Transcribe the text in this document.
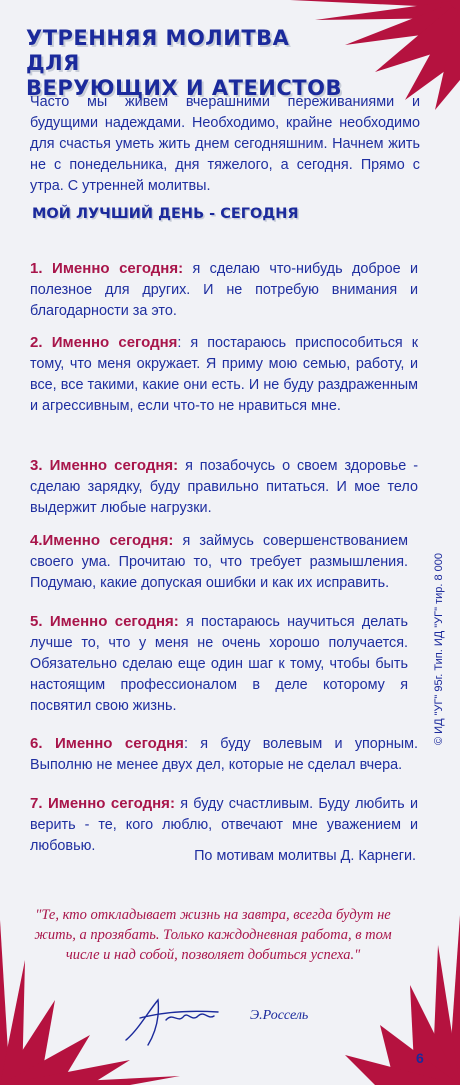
УТРЕННЯЯ МОЛИТВА ДЛЯ
ВЕРУЮЩИХ И АТЕИСТОВ
Часто мы живем вчерашними переживаниями и будущими надеждами. Необходимо, крайне необходимо для счастья уметь жить днем сегодняшним. Начнем жить не с понедельника, дня тяжелого, а сегодня. Прямо с утра. С утренней молитвы.
МОЙ ЛУЧШИЙ ДЕНЬ - СЕГОДНЯ
1. Именно сегодня: я сделаю что-нибудь доброе и полезное для других. И не потребую внимания и благодарности за это.
2. Именно сегодня: я постараюсь приспособиться к тому, что меня окружает. Я приму мою семью, работу, и все, все такими, какие они есть. И не буду раздраженным и агрессивным, если что-то не нравиться мне.
3. Именно сегодня: я позабочусь о своем здоровье - сделаю зарядку, буду правильно питаться. И мое тело выдержит любые нагрузки.
4.Именно сегодня: я займусь совершенствованием своего ума. Прочитаю то, что требует размышления. Подумаю, какие допуская ошибки и как их исправить.
5. Именно сегодня: я постараюсь научиться делать лучше то, что у меня не очень хорошо получается. Обязательно сделаю еще один шаг к тому, чтобы быть настоящим профессионалом в деле которому я посвятил свою жизнь.
6. Именно сегодня: я буду волевым и упорным. Выполню не менее двух дел, которые не сделал вчера.
7. Именно сегодня: я буду счастливым. Буду любить и верить - те, кого люблю, отвечают мне уважением и любовью.
По мотивам молитвы Д. Карнеги.
© ИД "УГ" 95г. Тип. ИД "УГ" тир. 8 000
"Те, кто откладывает жизнь на завтра, всегда будут не жить, а прозябать. Только каждодневная работа, в том числе и над собой, позволяет добиться успеха."
Э.Россель
6
